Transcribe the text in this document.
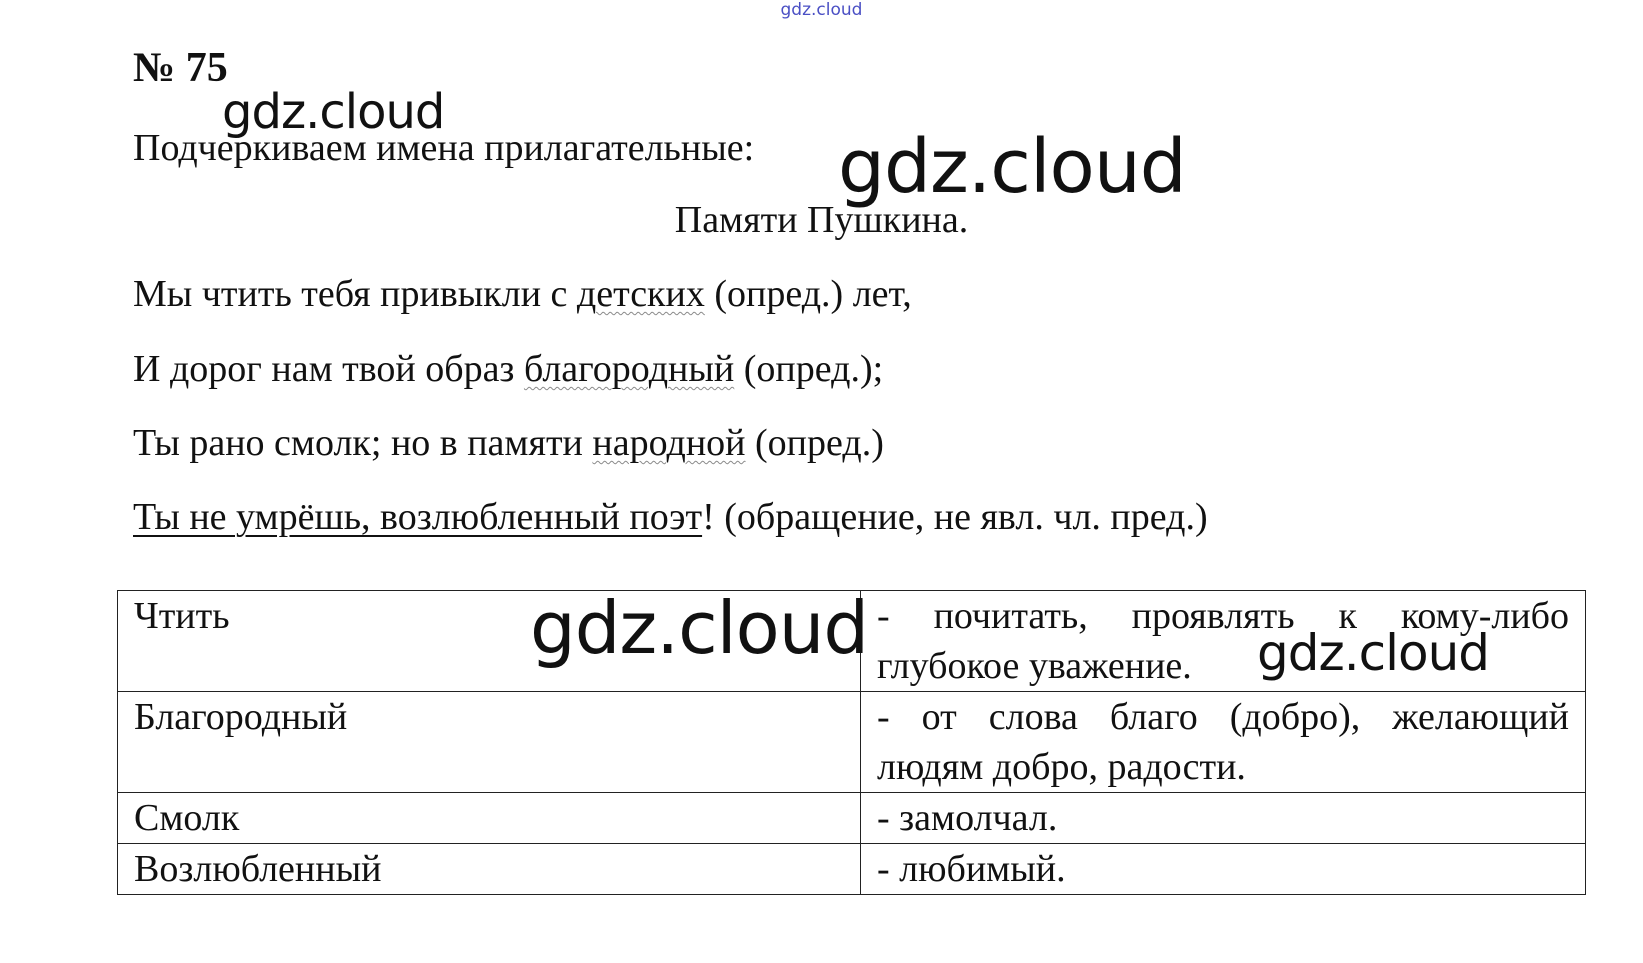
gdz.cloud
№ 75
Подчеркиваем имена прилагательные:
Памяти Пушкина.
Мы чтить тебя привыкли с детских (опред.) лет,
И дорог нам твой образ благородный (опред.);
Ты рано смолк; но в памяти народной (опред.)
Ты не умрёшь, возлюбленный поэт! (обращение, не явл. чл. пред.)
Чтить	- почитать, проявлять к кому-либо глубокое уважение.
Благородный	- от слова благо (добро), желающий людям добро, радости.
Смолк	- замолчал.
Возлюбленный	- любимый.
gdz.cloud
gdz.cloud
gdz.cloud	gdz.cloud
